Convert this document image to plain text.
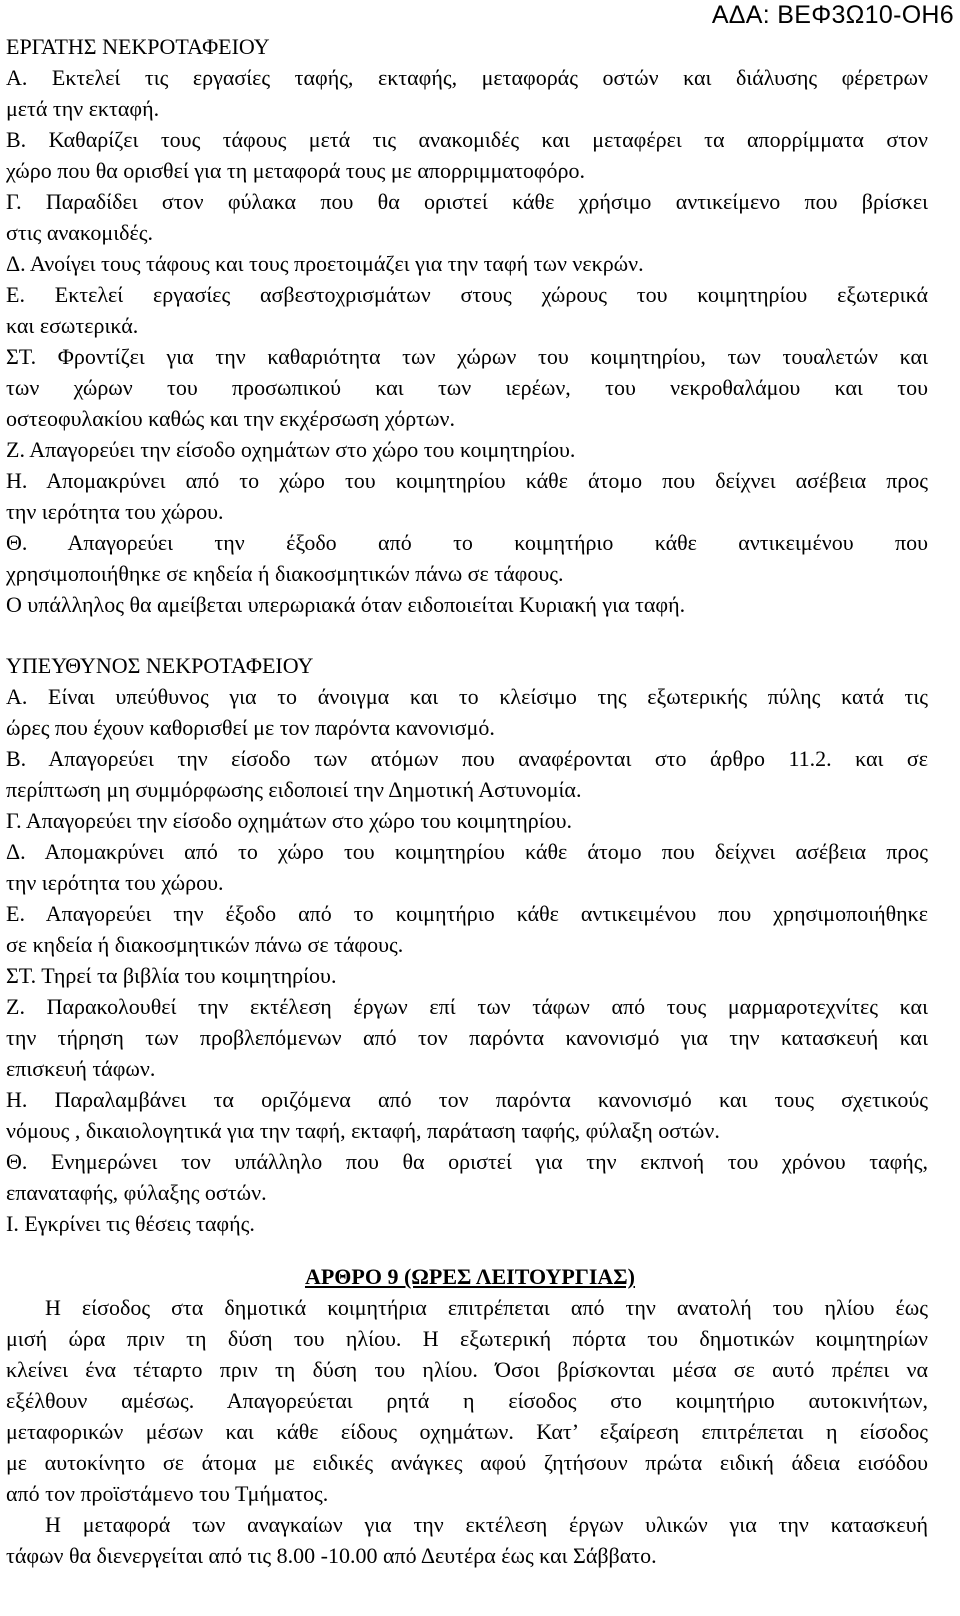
ΑΔΑ: ΒΕΦ3Ω10-ΟΗ6
ΕΡΓΑΤΗΣ ΝΕΚΡΟΤΑΦΕΙΟΥ
Α. Εκτελεί τις εργασίες ταφής, εκταφής, μεταφοράς οστών και διάλυσης φέρετρων
μετά την εκταφή.
Β. Καθαρίζει τους τάφους μετά τις ανακομιδές και μεταφέρει τα απορρίμματα στον
χώρο που θα ορισθεί για τη μεταφορά τους με απορριμματοφόρο.
Γ. Παραδίδει στον φύλακα που θα οριστεί κάθε χρήσιμο αντικείμενο που βρίσκει
στις ανακομιδές.
Δ. Ανοίγει τους τάφους και τους προετοιμάζει για την ταφή των νεκρών.
Ε. Εκτελεί εργασίες ασβεστοχρισμάτων στους χώρους του κοιμητηρίου εξωτερικά
και εσωτερικά.
ΣΤ. Φροντίζει για την καθαριότητα των χώρων του κοιμητηρίου, των τουαλετών και
των χώρων του προσωπικού και των ιερέων, του νεκροθαλάμου και του
οστεοφυλακίου καθώς και την εκχέρσωση χόρτων.
Ζ. Απαγορεύει την είσοδο οχημάτων στο χώρο του κοιμητηρίου.
Η. Απομακρύνει από το χώρο του κοιμητηρίου κάθε άτομο που δείχνει ασέβεια προς
την ιερότητα του χώρου.
Θ. Απαγορεύει την έξοδο από το κοιμητήριο κάθε αντικειμένου που
χρησιμοποιήθηκε σε κηδεία ή διακοσμητικών πάνω σε τάφους.
Ο υπάλληλος θα αμείβεται υπερωριακά όταν ειδοποιείται Κυριακή για ταφή.
ΥΠΕΥΘΥΝΟΣ ΝΕΚΡΟΤΑΦΕΙΟΥ
Α. Είναι υπεύθυνος για το άνοιγμα και το κλείσιμο της εξωτερικής πύλης κατά τις
ώρες που έχουν καθορισθεί με τον παρόντα κανονισμό.
Β. Απαγορεύει την είσοδο των ατόμων που αναφέρονται στο άρθρο 11.2. και σε
περίπτωση μη συμμόρφωσης ειδοποιεί την Δημοτική Αστυνομία.
Γ. Απαγορεύει την είσοδο οχημάτων στο χώρο του κοιμητηρίου.
Δ. Απομακρύνει από το χώρο του κοιμητηρίου κάθε άτομο που δείχνει ασέβεια προς
την ιερότητα του χώρου.
Ε. Απαγορεύει την έξοδο από το κοιμητήριο κάθε αντικειμένου που χρησιμοποιήθηκε
σε κηδεία ή διακοσμητικών πάνω σε τάφους.
ΣΤ. Τηρεί τα βιβλία του κοιμητηρίου.
Ζ. Παρακολουθεί την εκτέλεση έργων επί των τάφων από τους μαρμαροτεχνίτες και
την τήρηση των προβλεπόμενων από τον παρόντα κανονισμό για την κατασκευή και
επισκευή τάφων.
Η. Παραλαμβάνει τα οριζόμενα από τον παρόντα κανονισμό και τους σχετικούς
νόμους , δικαιολογητικά για την ταφή, εκταφή, παράταση ταφής, φύλαξη οστών.
Θ. Ενημερώνει τον υπάλληλο που θα οριστεί για την εκπνοή του χρόνου ταφής,
επαναταφής, φύλαξης οστών.
Ι. Εγκρίνει τις θέσεις ταφής.
ΑΡΘΡΟ 9 (ΩΡΕΣ ΛΕΙΤΟΥΡΓΙΑΣ)
Η είσοδος στα δημοτικά κοιμητήρια επιτρέπεται από την ανατολή του ηλίου έως
μισή ώρα πριν τη δύση του ηλίου. Η εξωτερική πόρτα του δημοτικών κοιμητηρίων
κλείνει ένα τέταρτο πριν τη δύση του ηλίου. Όσοι βρίσκονται μέσα σε αυτό πρέπει να
εξέλθουν αμέσως. Απαγορεύεται ρητά η είσοδος στο κοιμητήριο αυτοκινήτων,
μεταφορικών μέσων και κάθε είδους οχημάτων. Κατ’ εξαίρεση επιτρέπεται η είσοδος
με αυτοκίνητο σε άτομα με ειδικές ανάγκες αφού ζητήσουν πρώτα ειδική άδεια εισόδου
από τον προϊστάμενο του Τμήματος.
Η μεταφορά των αναγκαίων για την εκτέλεση έργων υλικών για την κατασκευή
τάφων θα διενεργείται από τις 8.00 -10.00 από Δευτέρα έως και Σάββατο.
